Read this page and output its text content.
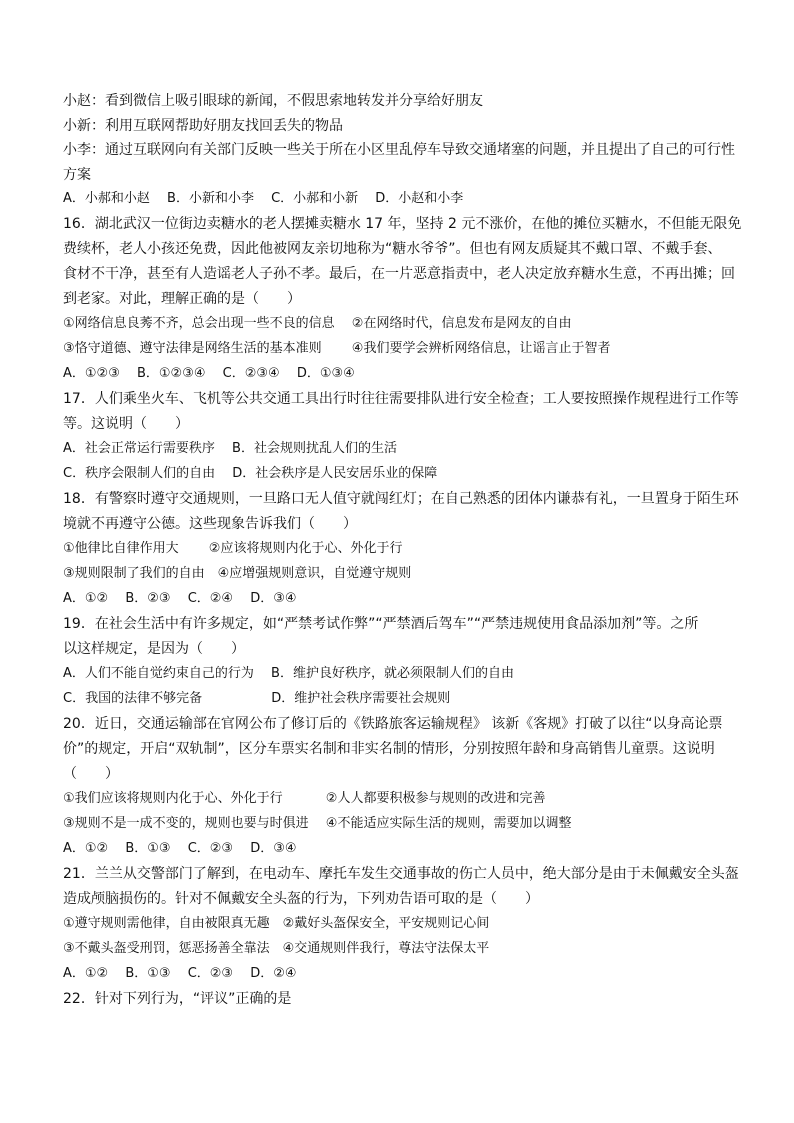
小赵：看到微信上吸引眼球的新闻，不假思索地转发并分享给好朋友
小新：利用互联网帮助好朋友找回丢失的物品
小李：通过互联网向有关部门反映一些关于所在小区里乱停车导致交通堵塞的问题，并且提出了自己的可行性
方案
A．小郝和小赵　 B．小新和小李　 C．小郝和小新　 D．小赵和小李
16．湖北武汉一位街边卖糖水的老人摆摊卖糖水 17 年，坚持 2 元不涨价，在他的摊位买糖水，不但能无限免
费续杯，老人小孩还免费，因此他被网友亲切地称为“糖水爷爷”。但也有网友质疑其不戴口罩、不戴手套、
食材不干净，甚至有人造谣老人子孙不孝。最后，在一片恶意指责中，老人决定放弃糖水生意，不再出摊；回
到老家。对此，理解正确的是（　　）
①网络信息良莠不齐，总会出现一些不良的信息　 ②在网络时代，信息发布是网友的自由
③恪守道德、遵守法律是网络生活的基本准则　　 ④我们要学会辨析网络信息，让谣言止于智者
A．①②③　 B．①②③④　 C．②③④　 D．①③④
17．人们乘坐火车、飞机等公共交通工具出行时往往需要排队进行安全检查；工人要按照操作规程进行工作等
等。这说明（　　）
A．社会正常运行需要秩序　 B．社会规则扰乱人们的生活
C．秩序会限制人们的自由　 D．社会秩序是人民安居乐业的保障
18．有警察时遵守交通规则，一旦路口无人值守就闯红灯；在自己熟悉的团体内谦恭有礼，一旦置身于陌生环
境就不再遵守公德。这些现象告诉我们（　　）
①他律比自律作用大　　 ②应该将规则内化于心、外化于行
③规则限制了我们的自由　④应增强规则意识，自觉遵守规则
A．①②　 B．②③　 C．②④　 D．③④
19．在社会生活中有许多规定，如“严禁考试作弊”“严禁酒后驾车”“严禁违规使用食品添加剂”等。之所
以这样规定，是因为（　　）
A．人们不能自觉约束自己的行为　 B．维护良好秩序，就必须限制人们的自由
C．我国的法律不够完备　　　　　 D．维护社会秩序需要社会规则
20．近日，交通运输部在官网公布了修订后的《铁路旅客运输规程》 该新《客规》打破了以往“以身高论票
价”的规定，开启“双轨制”，区分车票实名制和非实名制的情形，分别按照年龄和身高销售儿童票。这说明
（　　）
①我们应该将规则内化于心、外化于行　　　 ②人人都要积极参与规则的改进和完善
③规则不是一成不变的，规则也要与时俱进　 ④不能适应实际生活的规则，需要加以调整
A．①②　 B．①③　 C．②③　 D．③④
21．兰兰从交警部门了解到，在电动车、摩托车发生交通事故的伤亡人员中，绝大部分是由于未佩戴安全头盔
造成颅脑损伤的。针对不佩戴安全头盔的行为，下列劝告语可取的是（　　）
①遵守规则需他律，自由被限真无趣　②戴好头盔保安全，平安规则记心间
③不戴头盔受刑罚，惩恶扬善全靠法　④交通规则伴我行，尊法守法保太平
A．①②　 B．①③　 C．②③　 D．②④
22．针对下列行为，“评议”正确的是
